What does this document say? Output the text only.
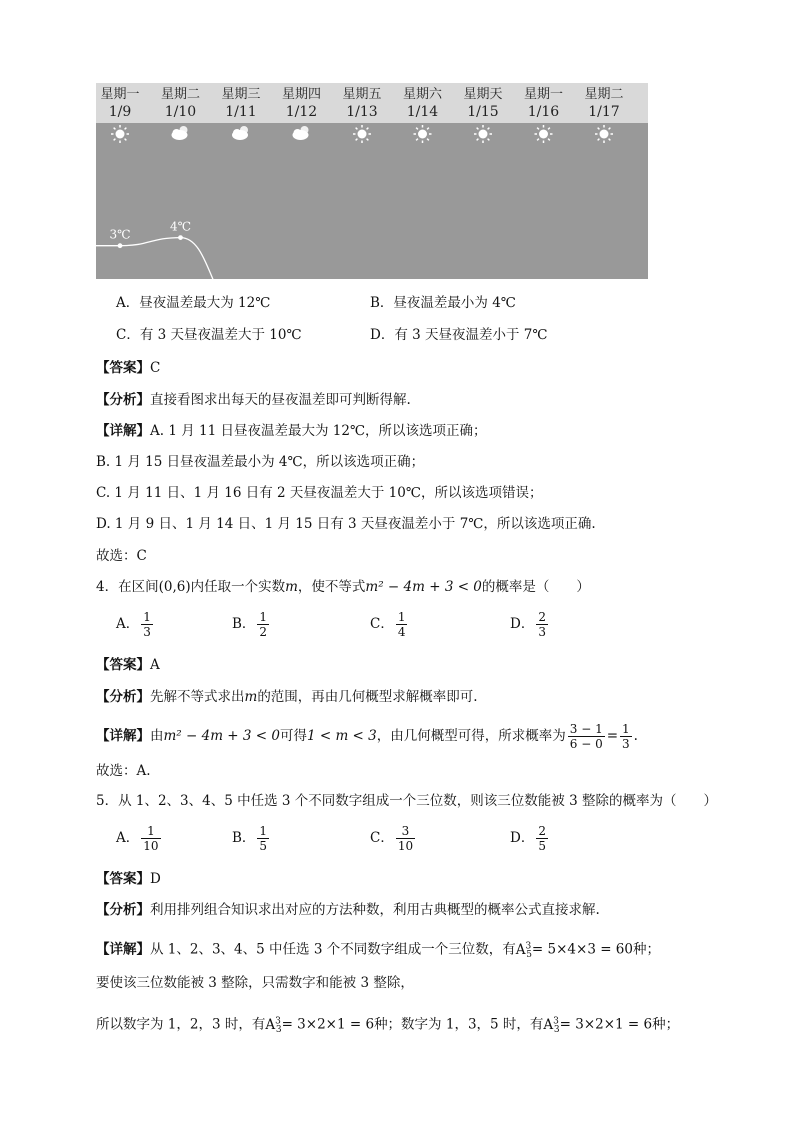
星期一
1/9
星期二
1/10
星期三
1/11
星期四
1/12
星期五
1/13
星期六
1/14
星期天
1/15
星期一
1/16
星期二
1/17
3℃
4℃
A．昼夜温差最大为 12℃	B．昼夜温差最小为 4℃
C．有 3 天昼夜温差大于 10℃	D．有 3 天昼夜温差小于 7℃
【答案】C
【分析】直接看图求出每天的昼夜温差即可判断得解.
【详解】A. 1 月 11 日昼夜温差最大为 12℃，所以该选项正确；
B. 1 月 15 日昼夜温差最小为 4℃，所以该选项正确；
C. 1 月 11 日、1 月 16 日有 2 天昼夜温差大于 10℃，所以该选项错误；
D. 1 月 9 日、1 月 14 日、1 月 15 日有 3 天昼夜温差小于 7℃，所以该选项正确.
故选：C
4．在区间(0,6)内任取一个实数m，使不等式m² − 4m + 3 < 0的概率是（　　）
A． $\frac{1}{3}$	B． $\frac{1}{2}$	C． $\frac{1}{4}$	D． $\frac{2}{3}$
【答案】A
【分析】先解不等式求出m的范围，再由几何概型求解概率即可.
【详解】由m² − 4m + 3 < 0可得1 < m < 3，由几何概型可得，所求概率为 $\frac{3 - 1}{6 - 0} = \frac{1}{3}$ .
故选：A.
5．从 1、2、3、4、5 中任选 3 个不同数字组成一个三位数，则该三位数能被 3 整除的概率为（　　）
A． $\frac{1}{10}$	B． $\frac{1}{5}$	C． $\frac{3}{10}$	D． $\frac{2}{5}$
【答案】D
【分析】利用排列组合知识求出对应的方法种数，利用古典概型的概率公式直接求解.
【详解】从 1、2、3、4、5 中任选 3 个不同数字组成一个三位数，有$A^3_5= 5\times 4\times 3 = 60$种；
要使该三位数能被 3 整除，只需数字和能被 3 整除，
所以数字为 1，2，3 时，有$A^3_3= 3\times 2\times 1 = 6$种；数字为 1，3，5 时，有$A^3_3= 3\times 2\times 1 = 6$种；
